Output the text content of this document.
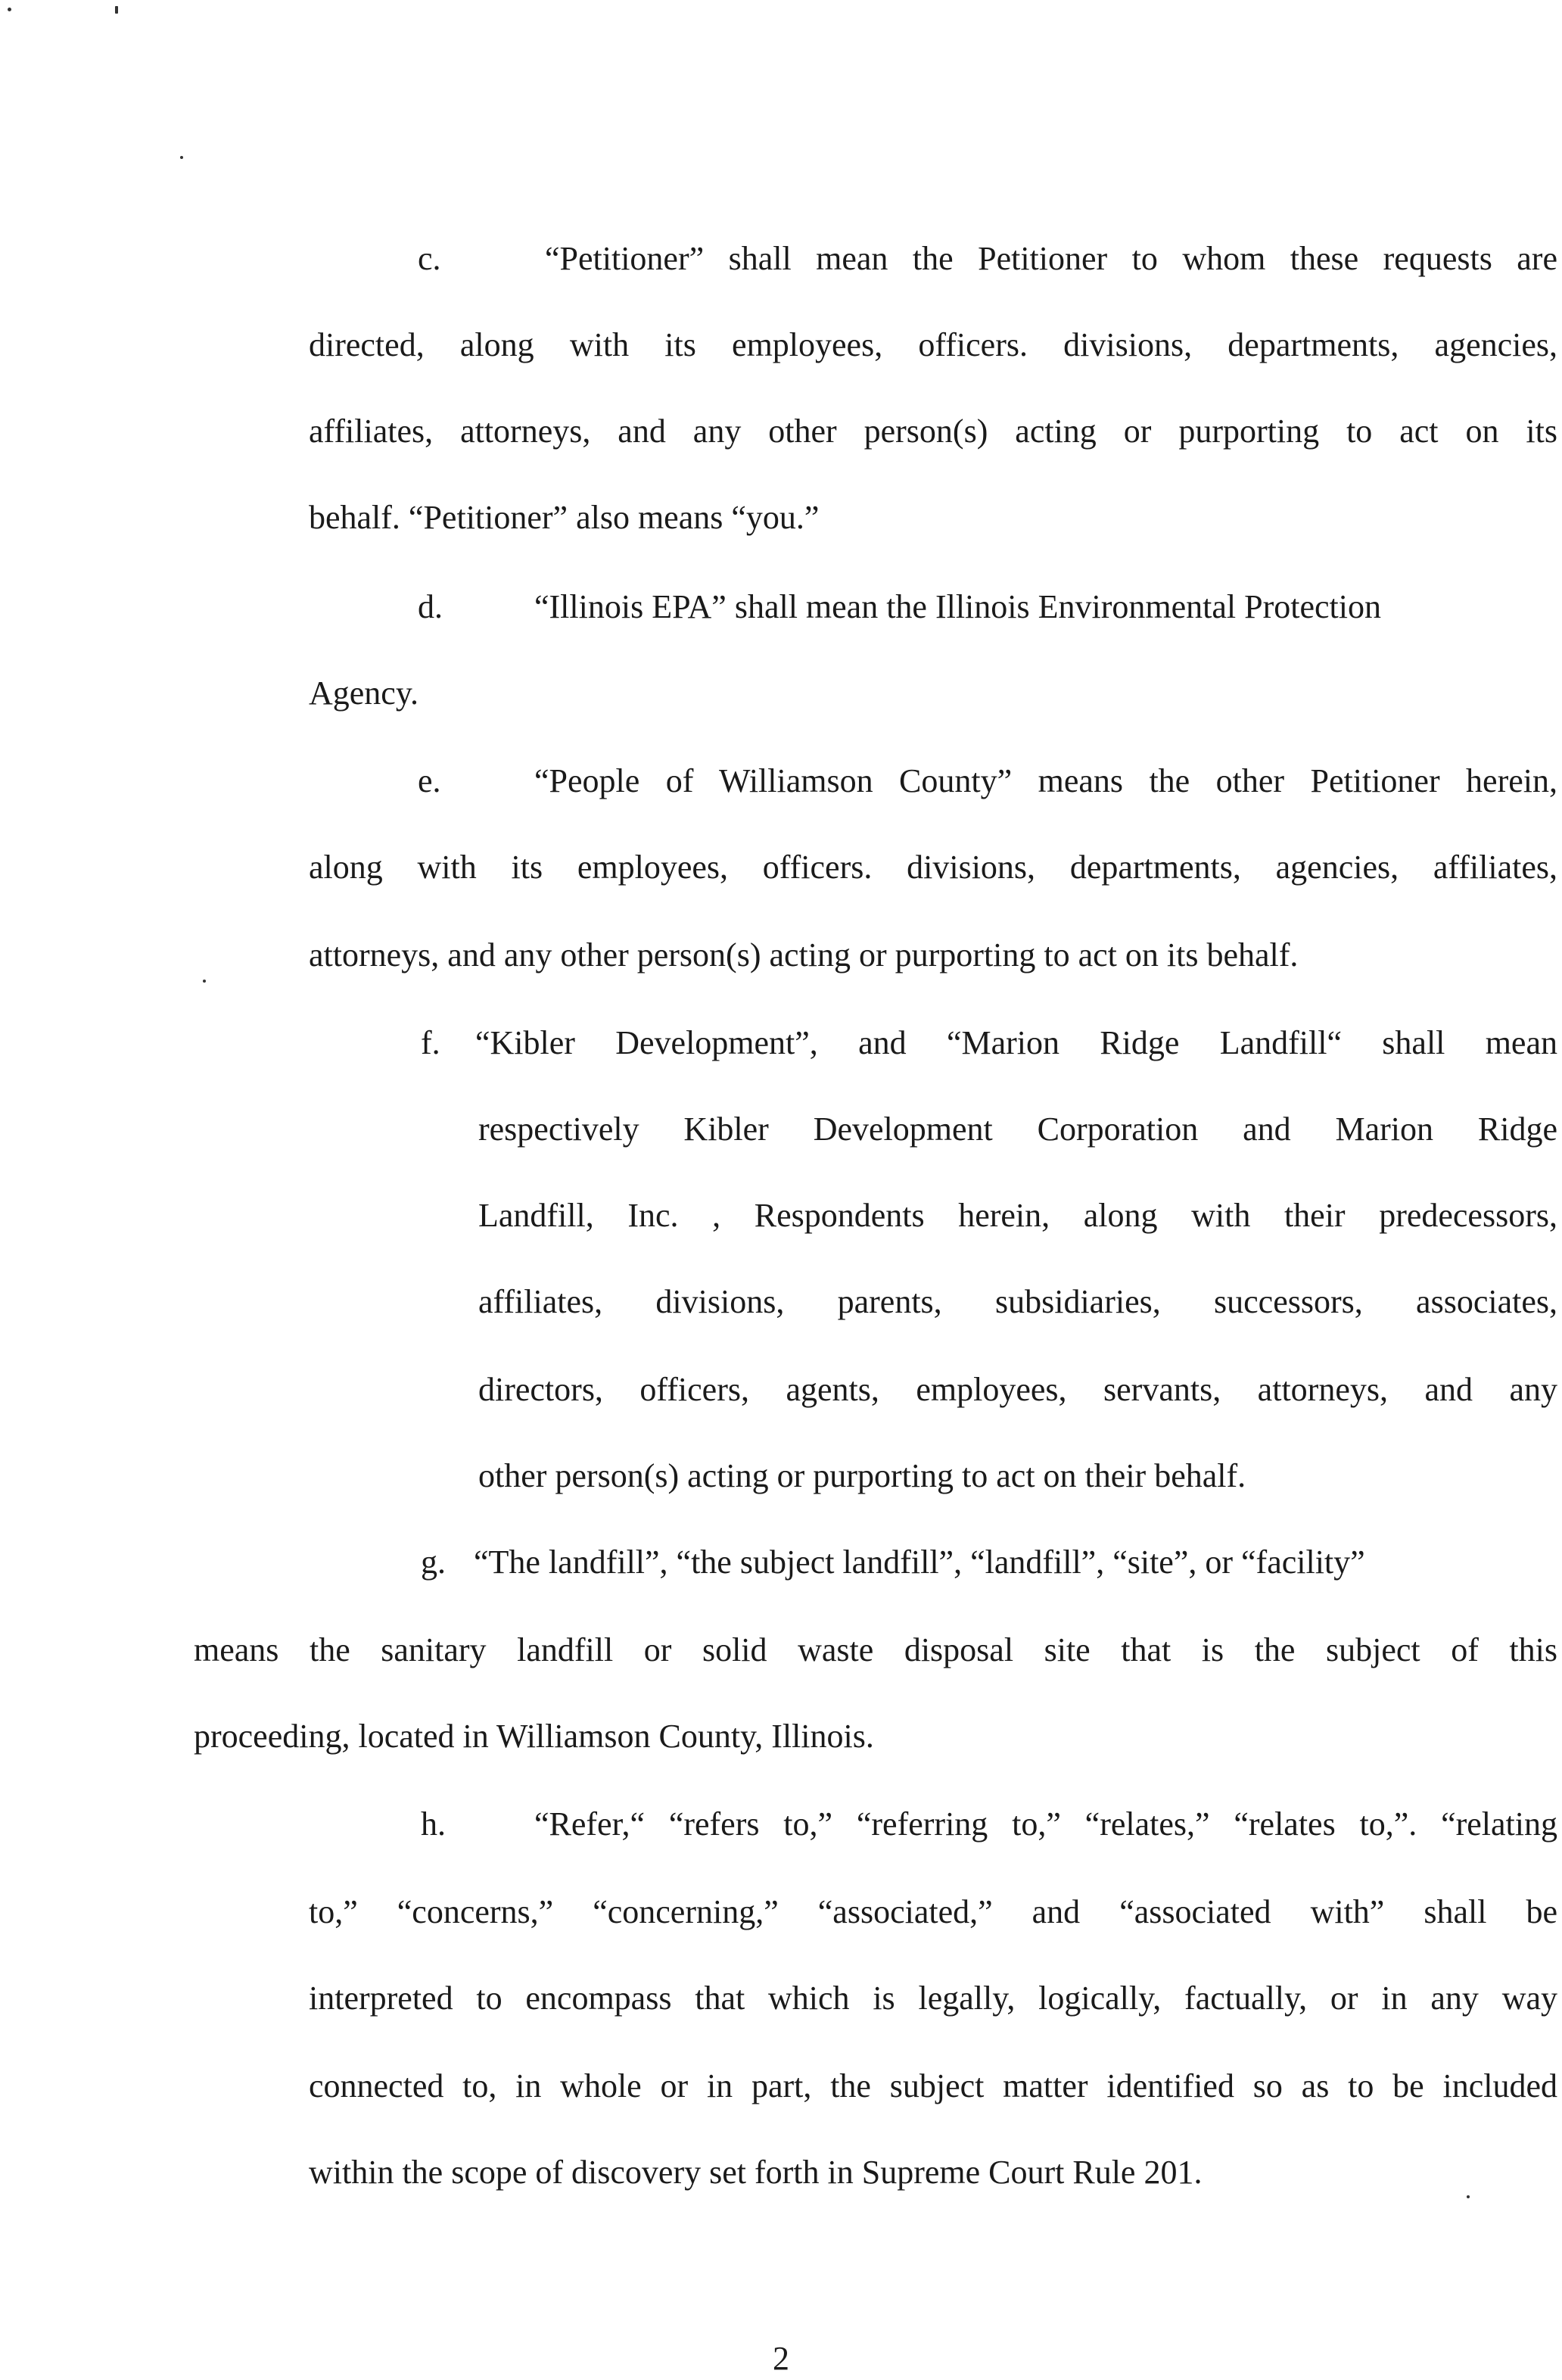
c.	“Petitioner” shall mean the Petitioner to whom these requests are
directed, along with its employees, officers. divisions, departments, agencies,
affiliates, attorneys, and any other person(s) acting or purporting to act on its
behalf. “Petitioner” also means “you.”
d.	“Illinois EPA” shall mean the Illinois Environmental Protection
Agency.
e.	“People of Williamson County” means the other Petitioner herein,
along with its employees, officers. divisions, departments, agencies, affiliates,
attorneys, and any other person(s) acting or purporting to act on its behalf.
f. “Kibler Development”, and “Marion Ridge Landfill“ shall mean
respectively Kibler Development Corporation and Marion Ridge
Landfill, Inc. , Respondents herein, along with their predecessors,
affiliates, divisions, parents, subsidiaries, successors, associates,
directors, officers, agents, employees, servants, attorneys, and any
other person(s) acting or purporting to act on their behalf.
g. “The landfill”, “the subject landfill”, “landfill”, “site”, or “facility”
means the sanitary landfill or solid waste disposal site that is the subject of this
proceeding, located in Williamson County, Illinois.
h.	“Refer,“ “refers to,” “referring to,” “relates,” “relates to,”. “relating
to,” “concerns,” “concerning,” “associated,” and “associated with” shall be
interpreted to encompass that which is legally, logically, factually, or in any way
connected to, in whole or in part, the subject matter identified so as to be included
within the scope of discovery set forth in Supreme Court Rule 201.
2
